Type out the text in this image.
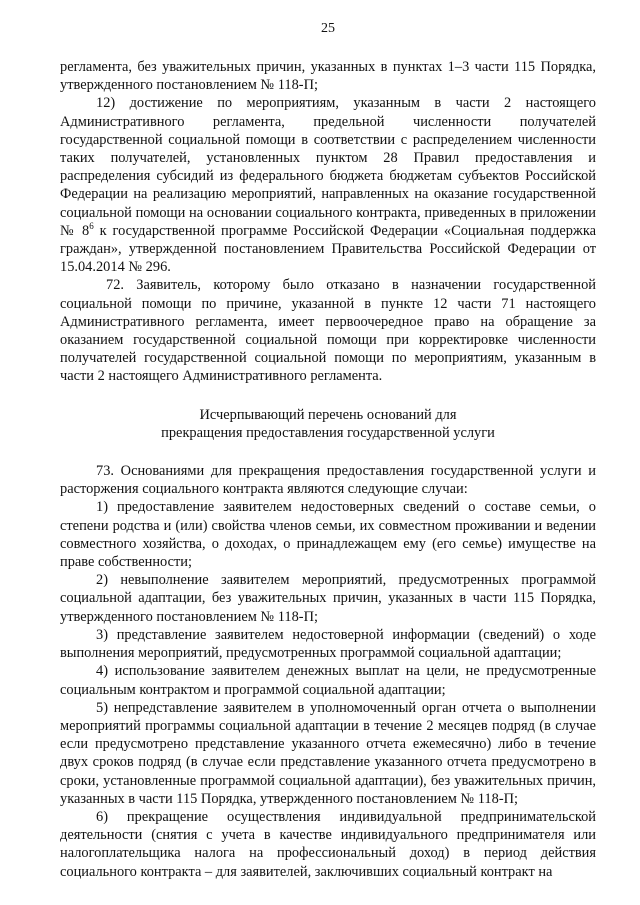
25

регламента, без уважительных причин, указанных в пунктах 1–3 части 115 Порядка, утвержденного постановлением № 118-П;

12) достижение по мероприятиям, указанным в части 2 настоящего Административного регламента, предельной численности получателей государственной социальной помощи в соответствии с распределением численности таких получателей, установленных пунктом 28 Правил предоставления и распределения субсидий из федерального бюджета бюджетам субъектов Российской Федерации на реализацию мероприятий, направленных на оказание государственной социальной помощи на основании социального контракта, приведенных в приложении № $8^6$ к государственной программе Российской Федерации «Социальная поддержка граждан», утвержденной постановлением Правительства Российской Федерации от 15.04.2014 № 296.

72. Заявитель, которому было отказано в назначении государственной социальной помощи по причине, указанной в пункте 12 части 71 настоящего Административного регламента, имеет первоочередное право на обращение за оказанием государственной социальной помощи при корректировке численности получателей государственной социальной помощи по мероприятиям, указанным в части 2 настоящего Административного регламента.

Исчерпывающий перечень оснований для
прекращения предоставления государственной услуги

73. Основаниями для прекращения предоставления государственной услуги и расторжения социального контракта являются следующие случаи:

1) предоставление заявителем недостоверных сведений о составе семьи, о степени родства и (или) свойства членов семьи, их совместном проживании и ведении совместного хозяйства, о доходах, о принадлежащем ему (его семье) имуществе на праве собственности;

2) невыполнение заявителем мероприятий, предусмотренных программой социальной адаптации, без уважительных причин, указанных в части 115 Порядка, утвержденного постановлением № 118-П;

3) представление заявителем недостоверной информации (сведений) о ходе выполнения мероприятий, предусмотренных программой социальной адаптации;

4) использование заявителем денежных выплат на цели, не предусмотренные социальным контрактом и программой социальной адаптации;

5) непредставление заявителем в уполномоченный орган отчета о выполнении мероприятий программы социальной адаптации в течение 2 месяцев подряд (в случае если предусмотрено представление указанного отчета ежемесячно) либо в течение двух сроков подряд (в случае если представление указанного отчета предусмотрено в сроки, установленные программой социальной адаптации), без уважительных причин, указанных в части 115 Порядка, утвержденного постановлением № 118-П;

6) прекращение осуществления индивидуальной предпринимательской деятельности (снятия с учета в качестве индивидуального предпринимателя или налогоплательщика налога на профессиональный доход) в период действия социального контракта – для заявителей, заключивших социальный контракт на
